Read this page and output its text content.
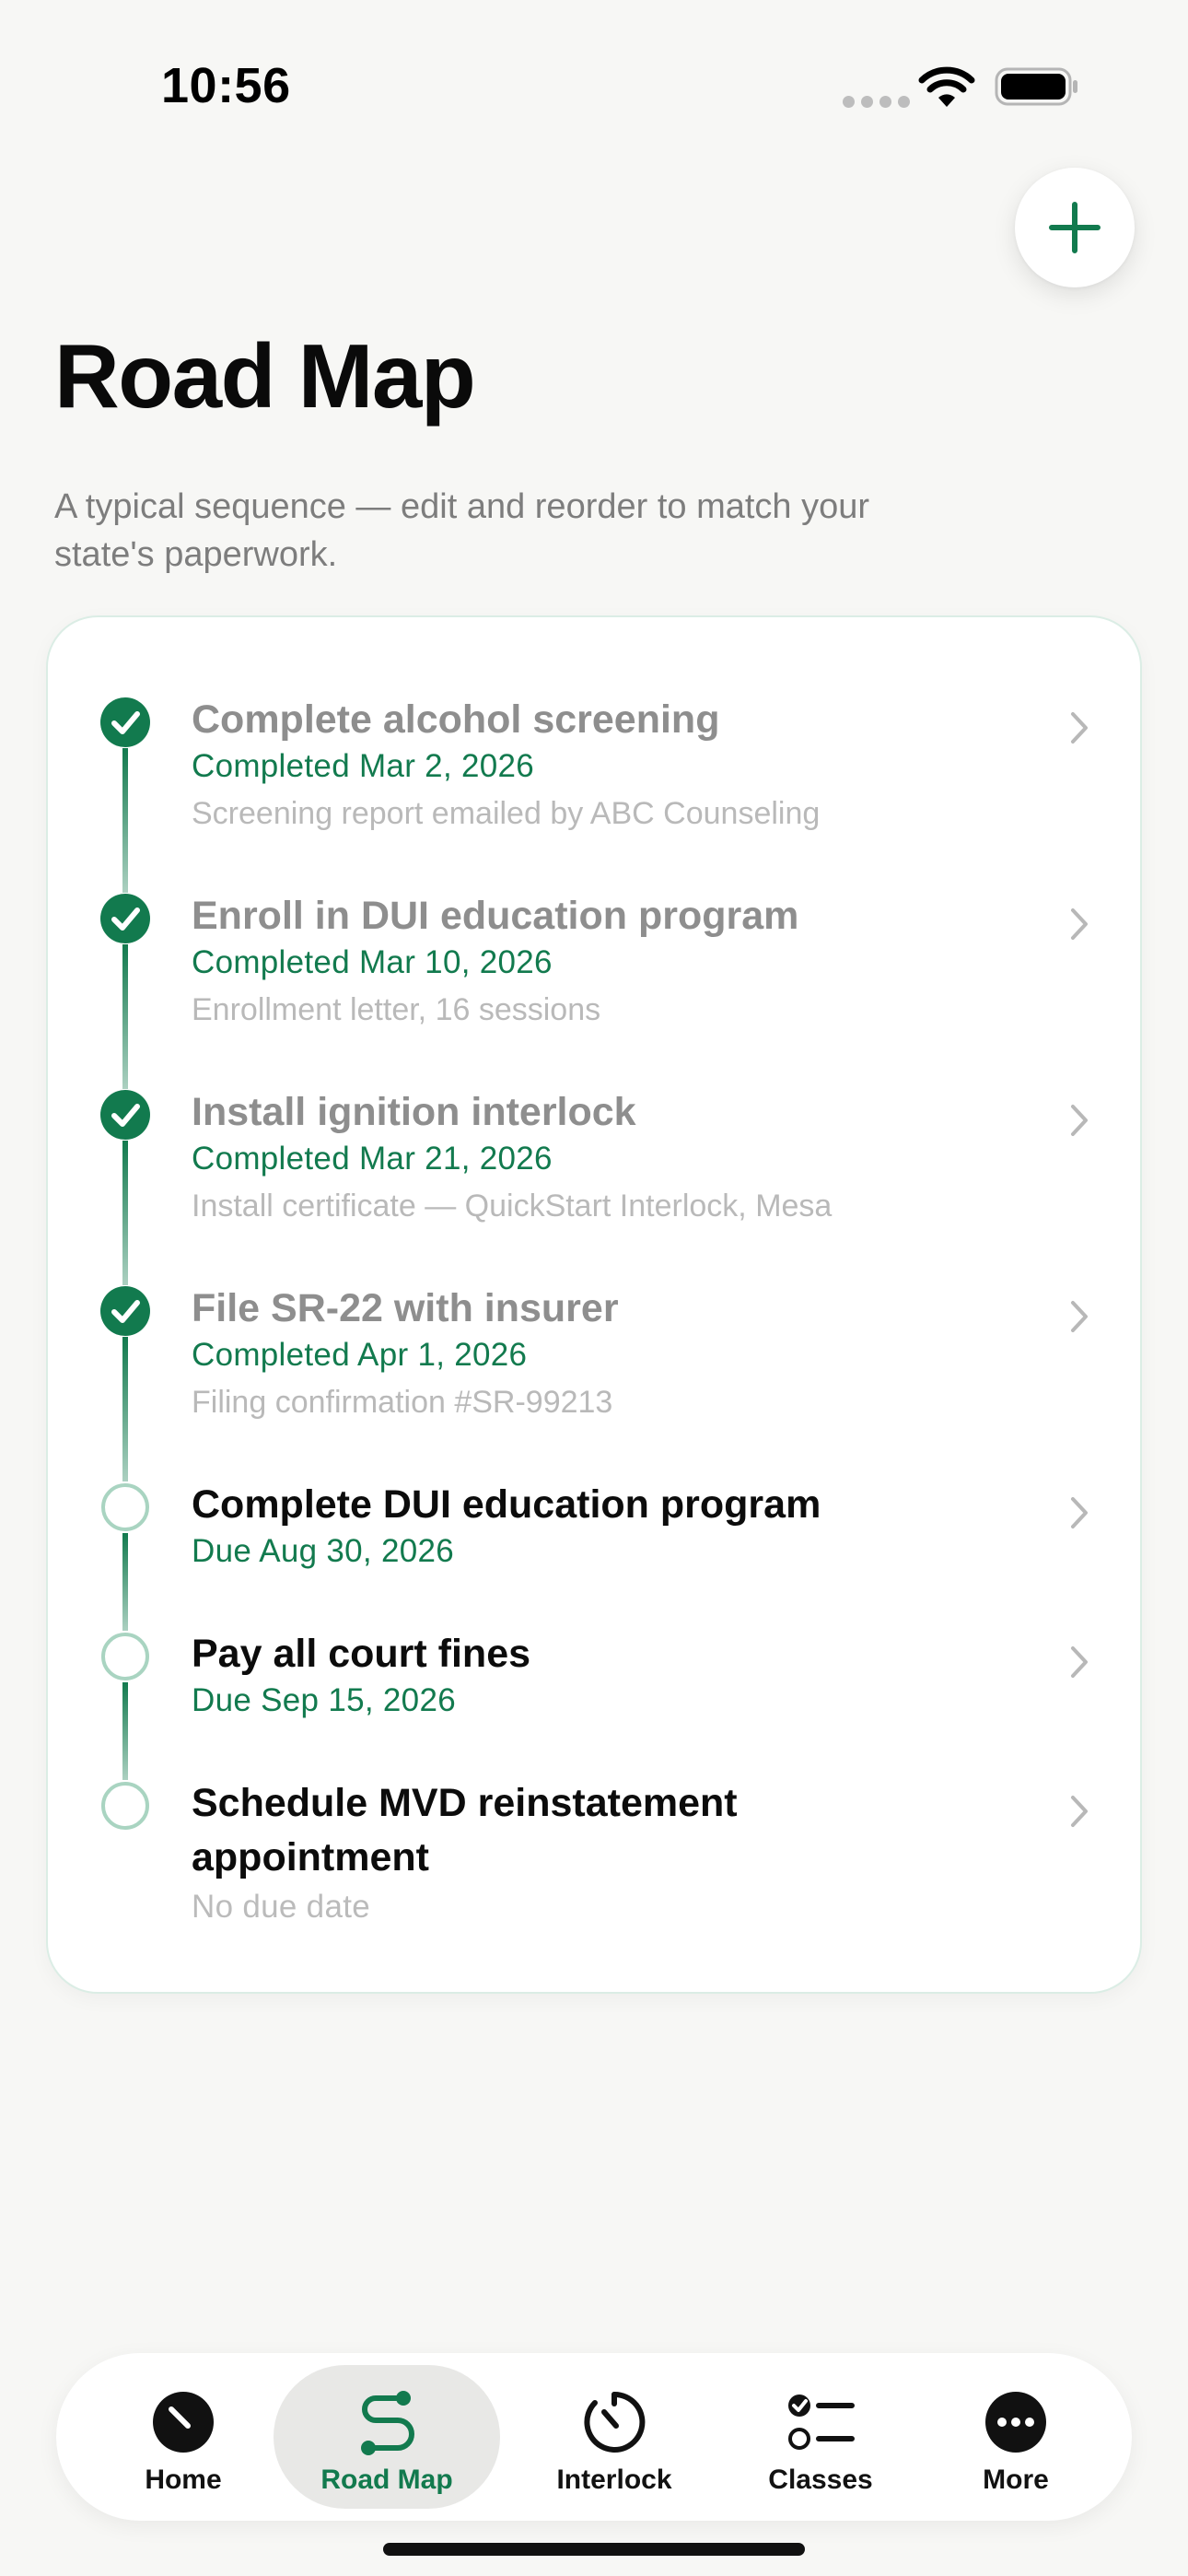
10:56
Road Map
A typical sequence — edit and reorder to match your state's paperwork.
Complete alcohol screening
Completed Mar 2, 2026
Screening report emailed by ABC Counseling
Enroll in DUI education program
Completed Mar 10, 2026
Enrollment letter, 16 sessions
Install ignition interlock
Completed Mar 21, 2026
Install certificate — QuickStart Interlock, Mesa
File SR-22 with insurer
Completed Apr 1, 2026
Filing confirmation #SR-99213
Complete DUI education program
Due Aug 30, 2026
Pay all court fines
Due Sep 15, 2026
Schedule MVD reinstatement appointment
No due date
Home	Road Map	Interlock	Classes	More
